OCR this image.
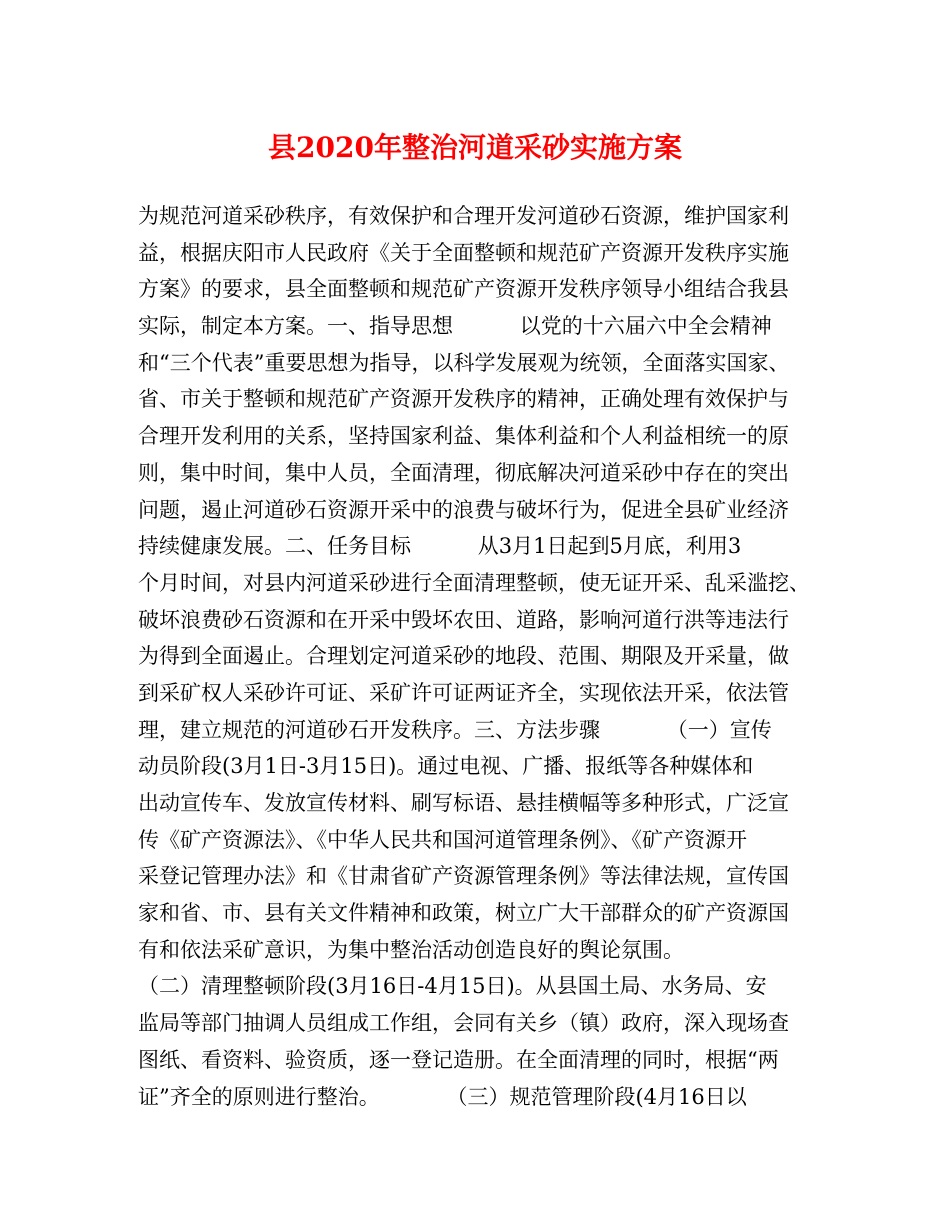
县2020年整治河道采砂实施方案
为规范河道采砂秩序，有效保护和合理开发河道砂石资源，维护国家利
益，根据庆阳市人民政府《关于全面整顿和规范矿产资源开发秩序实施
方案》的要求，县全面整顿和规范矿产资源开发秩序领导小组结合我县
实际，制定本方案。一、指导思想          以党的十六届六中全会精神
和“三个代表”重要思想为指导，以科学发展观为统领，全面落实国家、
省、市关于整顿和规范矿产资源开发秩序的精神，正确处理有效保护与
合理开发利用的关系，坚持国家利益、集体利益和个人利益相统一的原
则，集中时间，集中人员，全面清理，彻底解决河道采砂中存在的突出
问题，遏止河道砂石资源开采中的浪费与破坏行为，促进全县矿业经济
持续健康发展。二、任务目标          从3月1日起到5月底，利用3
个月时间，对县内河道采砂进行全面清理整顿，使无证开采、乱采滥挖、
破坏浪费砂石资源和在开采中毁坏农田、道路，影响河道行洪等违法行
为得到全面遏止。合理划定河道采砂的地段、范围、期限及开采量，做
到采矿权人采砂许可证、采矿许可证两证齐全，实现依法开采，依法管
理，建立规范的河道砂石开发秩序。三、方法步骤          （一）宣传
动员阶段(3月1日-3月15日)。通过电视、广播、报纸等各种媒体和
出动宣传车、发放宣传材料、刷写标语、悬挂横幅等多种形式，广泛宣
传《矿产资源法》、《中华人民共和国河道管理条例》、《矿产资源开
采登记管理办法》和《甘肃省矿产资源管理条例》等法律法规，宣传国
家和省、市、县有关文件精神和政策，树立广大干部群众的矿产资源国
有和依法采矿意识，为集中整治活动创造良好的舆论氛围。
（二）清理整顿阶段(3月16日-4月15日)。从县国土局、水务局、安
监局等部门抽调人员组成工作组，会同有关乡（镇）政府，深入现场查
图纸、看资料、验资质，逐一登记造册。在全面清理的同时，根据“两
证”齐全的原则进行整治。          （三）规范管理阶段(4月16日以
